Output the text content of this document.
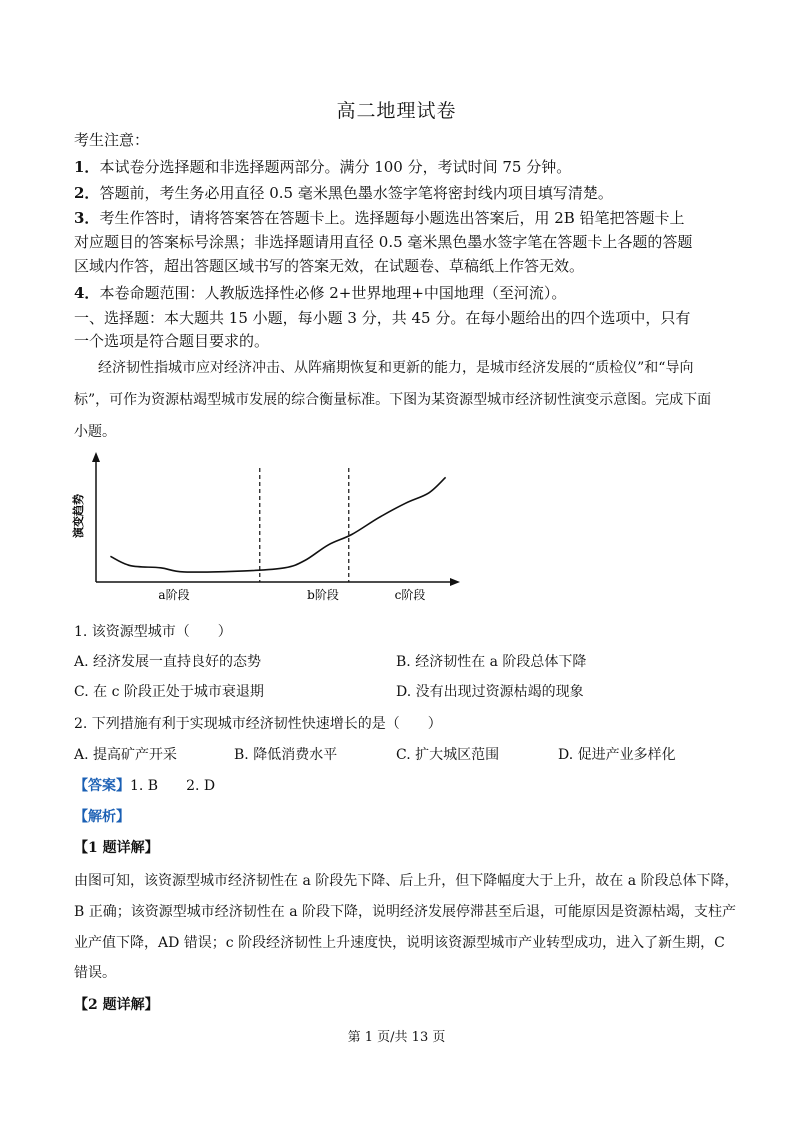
高二地理试卷
考生注意：
1．本试卷分选择题和非选择题两部分。满分 100 分，考试时间 75 分钟。
2．答题前，考生务必用直径 0.5 毫米黑色墨水签字笔将密封线内项目填写清楚。
3．考生作答时，请将答案答在答题卡上。选择题每小题选出答案后，用 2B 铅笔把答题卡上
对应题目的答案标号涂黑；非选择题请用直径 0.5 毫米黑色墨水签字笔在答题卡上各题的答题
区域内作答，超出答题区域书写的答案无效，在试题卷、草稿纸上作答无效。
4．本卷命题范围：人教版选择性必修 2+世界地理+中国地理（至河流）。
一、选择题：本大题共 15 小题，每小题 3 分，共 45 分。在每小题给出的四个选项中，只有
一个选项是符合题目要求的。
经济韧性指城市应对经济冲击、从阵痛期恢复和更新的能力，是城市经济发展的“质检仪”和“导向
标”，可作为资源枯竭型城市发展的综合衡量标准。下图为某资源型城市经济韧性演变示意图。完成下面
小题。
演变趋势
a阶段	b阶段	c阶段
1. 该资源型城市（　　）
A. 经济发展一直持良好的态势	B. 经济韧性在 a 阶段总体下降
C. 在 c 阶段正处于城市衰退期	D. 没有出现过资源枯竭的现象
2. 下列措施有利于实现城市经济韧性快速增长的是（　　）
A. 提高矿产开采	B. 降低消费水平	C. 扩大城区范围	D. 促进产业多样化
【答案】1. B　　2. D
【解析】
【1 题详解】
由图可知，该资源型城市经济韧性在 a 阶段先下降、后上升，但下降幅度大于上升，故在 a 阶段总体下降，
B 正确；该资源型城市经济韧性在 a 阶段下降，说明经济发展停滞甚至后退，可能原因是资源枯竭，支柱产
业产值下降，AD 错误；c 阶段经济韧性上升速度快，说明该资源型城市产业转型成功，进入了新生期，C
错误。
【2 题详解】
第 1 页/共 13 页
